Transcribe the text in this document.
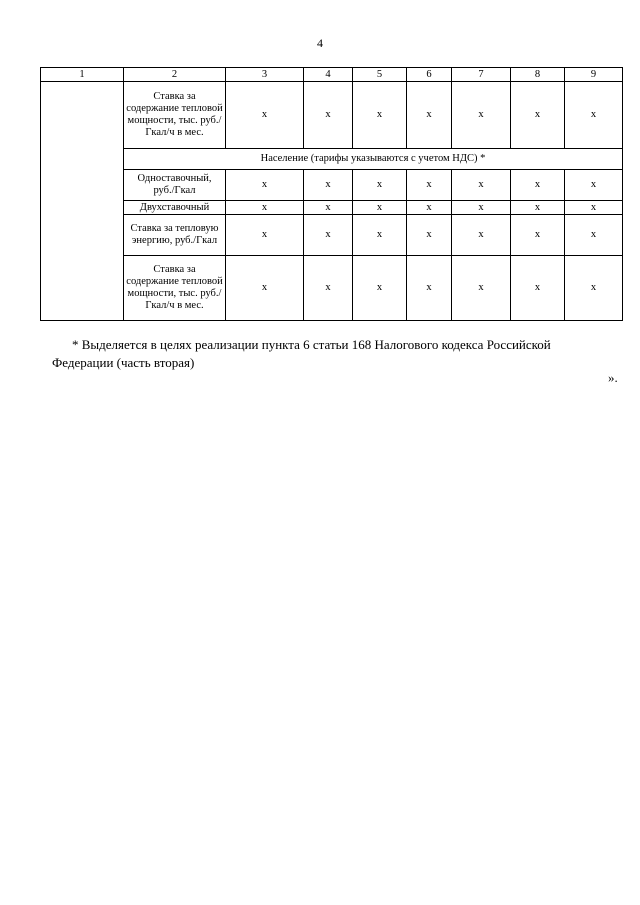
4
1	2	3	4	5	6	7	8	9
	Ставка за содержание тепловой мощности, тыс. руб./Гкал/ч в мес.	х	х	х	х	х	х	х
	Население (тарифы указываются с учетом НДС) *							
	Одноставочный, руб./Гкал	х	х	х	х	х	х	х
	Двухставочный	х	х	х	х	х	х	х
	Ставка за тепловую энергию, руб./Гкал	х	х	х	х	х	х	х
	Ставка за содержание тепловой мощности, тыс. руб./Гкал/ч в мес.	х	х	х	х	х	х	х
* Выделяется в целях реализации пункта 6 статьи 168 Налогового кодекса Российской
Федерации (часть вторая)
».
